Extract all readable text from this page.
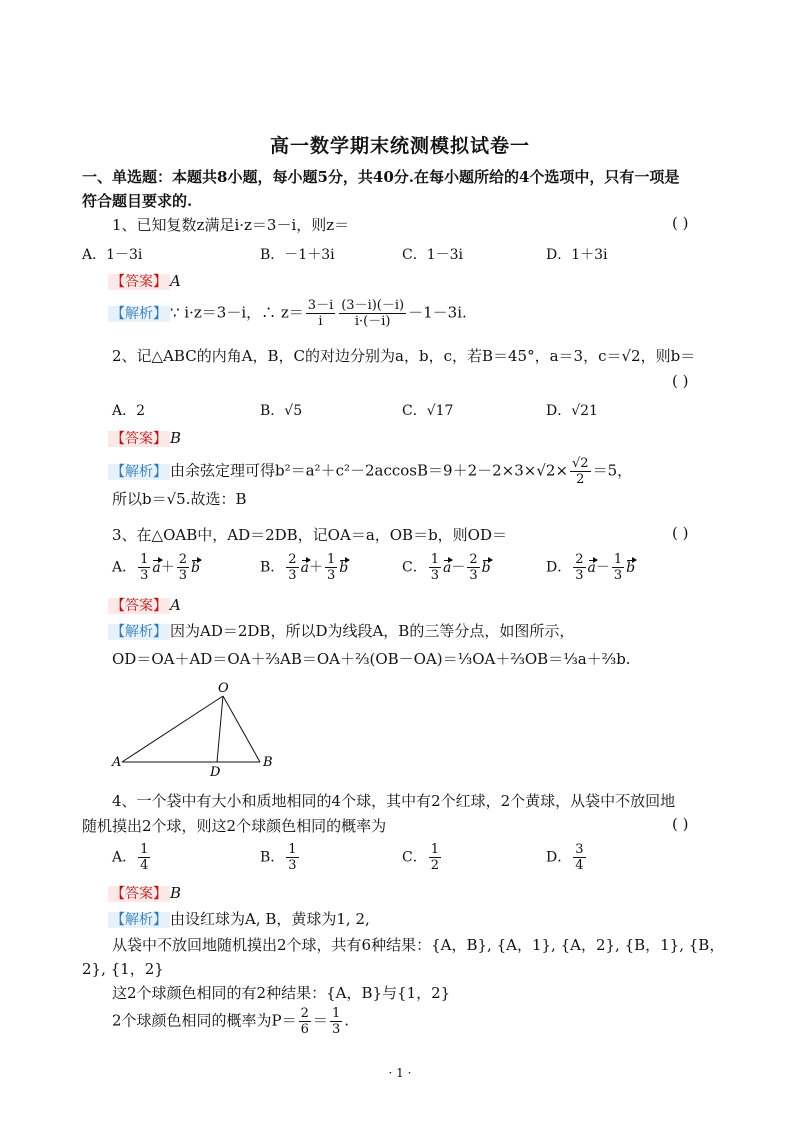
高一数学期末统测模拟试卷一
一、单选题：本题共8小题，每小题5分，共40分.在每小题所给的4个选项中，只有一项是
符合题目要求的.
1、已知复数z满足i·z＝3－i，则z＝	( )
A．1－3i	B．－1＋3i	C．1－3i	D．1＋3i
【答案】 A
【解析】 ∵ i·z＝3－i，∴ $z= \frac{3-i}{i} \frac{(3-i)(-i)}{i\cdot(-i)} -1-3i$.
2、记△ABC的内角A，B，C的对边分别为a，b，c，若B＝45°，a＝3，c＝√2，则b＝
( )
A．2	B．√5	C．√17	D．√21
【答案】 B
【解析】 由余弦定理可得$b^2=a^2+c^2-2accosB=9+2-2\times 3\times√2\times \frac{√2}{2} =5$，
所以b＝√5.故选：B
3、在△OAB中，AD＝2DB，记OA＝a，OB＝b，则OD＝	( )
A． $\frac{1}{3} a+ \frac{2}{3}$ b	B． $\frac{2}{3} a+ \frac{1}{3}$ b	C． $\frac{1}{3} a- \frac{2}{3}$ b	D． $\frac{2}{3} a- \frac{1}{3}$ b
【答案】 A
【解析】 因为AD＝2DB，所以D为线段A，B的三等分点，如图所示，
OD＝OA＋AD＝OA＋⅔AB＝OA＋⅔(OB－OA)＝⅓OA＋⅔OB＝⅓a＋⅔b.
O
A	B
D
4、一个袋中有大小和质地相同的4个球，其中有2个红球，2个黄球，从袋中不放回地
随机摸出2个球，则这2个球颜色相同的概率为	( )
A． $\frac{1}{4}$	B． $\frac{1}{3}$	C． $\frac{1}{2}$	D． $\frac{3}{4}$
【答案】 B
【解析】 由设红球为A, B，黄球为1, 2,
从袋中不放回地随机摸出2个球，共有6种结果：{A，B}, {A，1}, {A，2}, {B，1}, {B，
2}, {1，2}
这2个球颜色相同的有2种结果：{A，B}与{1，2}
2个球颜色相同的概率为$P= \frac{2}{6} = \frac{1}{3}$ .
· 1 ·
